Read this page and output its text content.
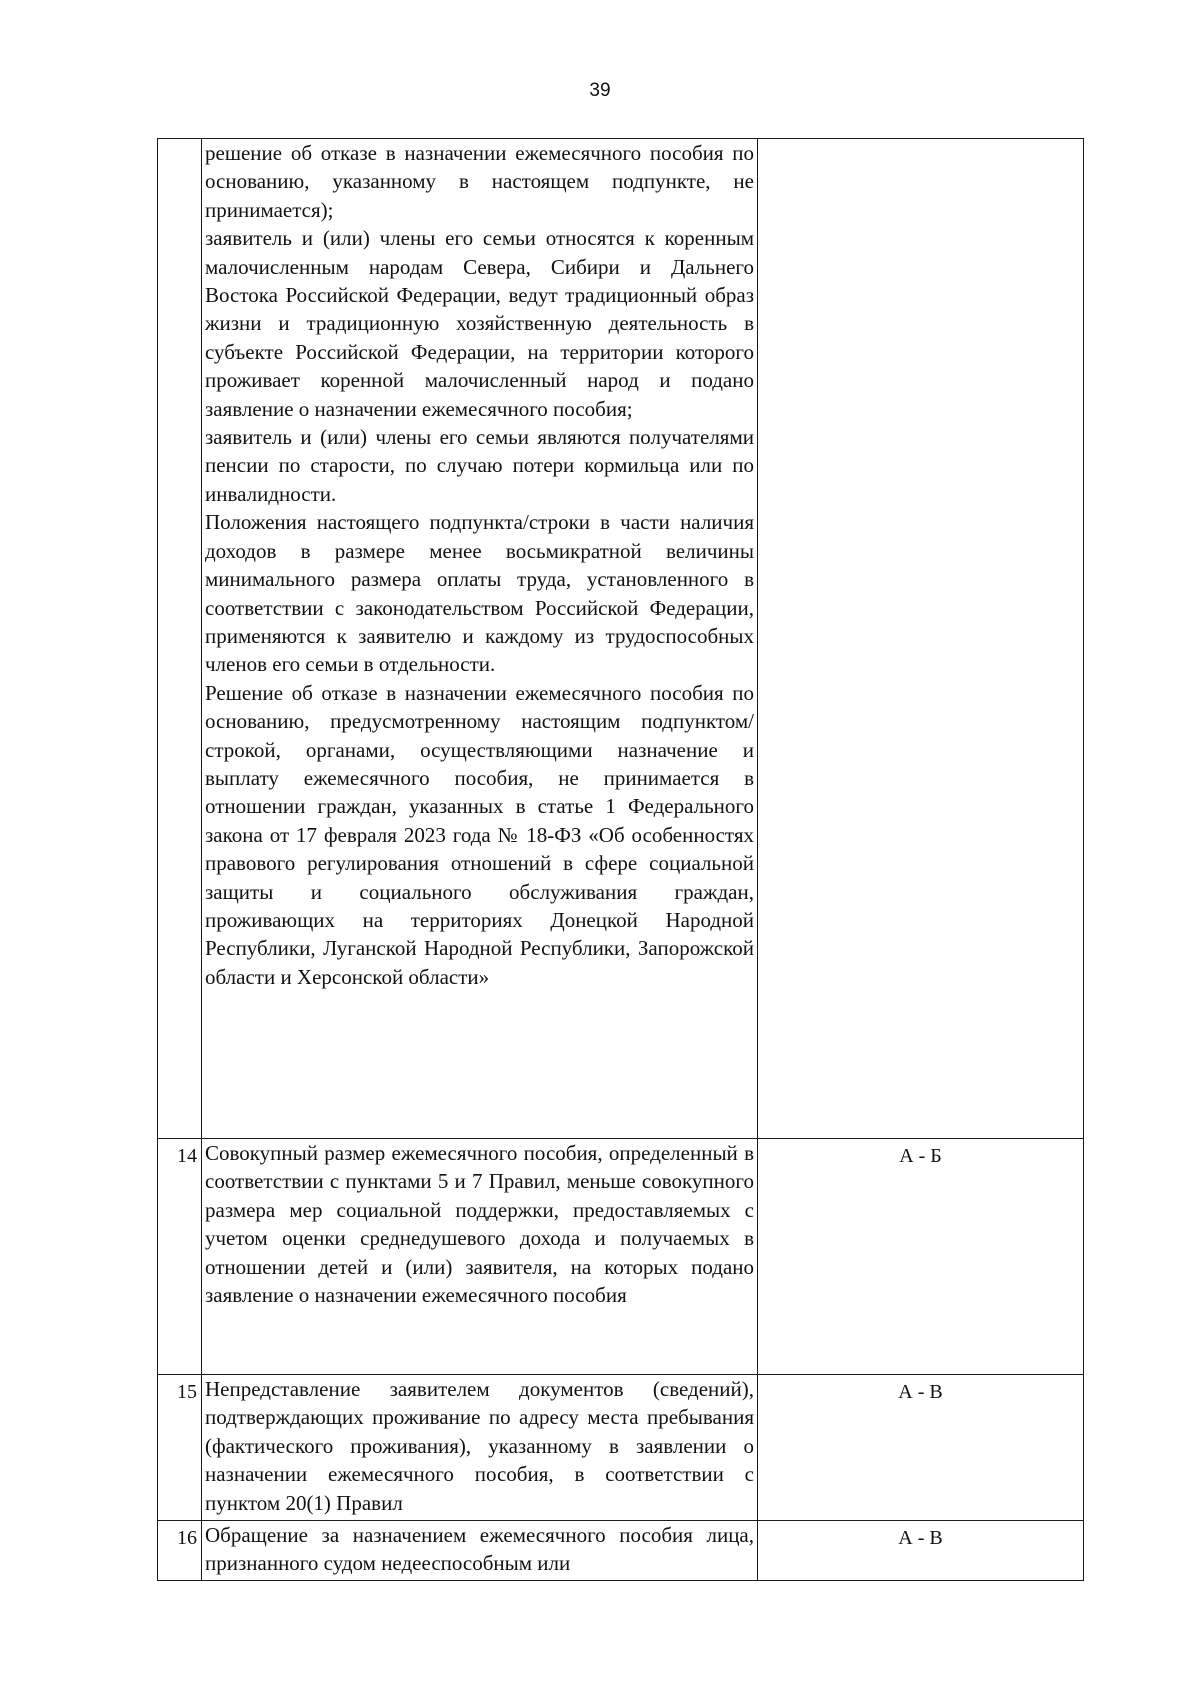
39

	решение об отказе в назначении ежемесячного пособия по основанию, указанному в настоящем подпункте, не принимается);
заявитель и (или) члены его семьи относятся к коренным малочисленным народам Севера, Сибири и Дальнего Востока Российской Федерации, ведут традиционный образ жизни и традиционную хозяйственную деятельность в субъекте Российской Федерации, на территории которого проживает коренной малочисленный народ и подано заявление о назначении ежемесячного пособия;
заявитель и (или) члены его семьи являются получателями пенсии по старости, по случаю потери кормильца или по инвалидности.
Положения настоящего подпункта/строки в части наличия доходов в размере менее восьмикратной величины минимального размера оплаты труда, установленного в соответствии с законодательством Российской Федерации, применяются к заявителю и каждому из трудоспособных членов его семьи в отдельности.
Решение об отказе в назначении ежемесячного пособия по основанию, предусмотренному настоящим подпунктом/строкой, органами, осуществляющими назначение и выплату ежемесячного пособия, не принимается в отношении граждан, указанных в статье 1 Федерального закона от 17 февраля 2023 года № 18-ФЗ «Об особенностях правового регулирования отношений в сфере социальной защиты и социального обслуживания граждан, проживающих на территориях Донецкой Народной Республики, Луганской Народной Республики, Запорожской области и Херсонской области»	

14	Совокупный размер ежемесячного пособия, определенный в соответствии с пунктами 5 и 7 Правил, меньше совокупного размера мер социальной поддержки, предоставляемых с учетом оценки среднедушевого дохода и получаемых в отношении детей и (или) заявителя, на которых подано заявление о назначении ежемесячного пособия	А - Б
15	Непредставление заявителем документов (сведений), подтверждающих проживание по адресу места пребывания (фактического проживания), указанному в заявлении о назначении ежемесячного пособия, в соответствии с пунктом 20(1) Правил	А - В
16	Обращение за назначением ежемесячного пособия лица, признанного судом недееспособным или	А - В
